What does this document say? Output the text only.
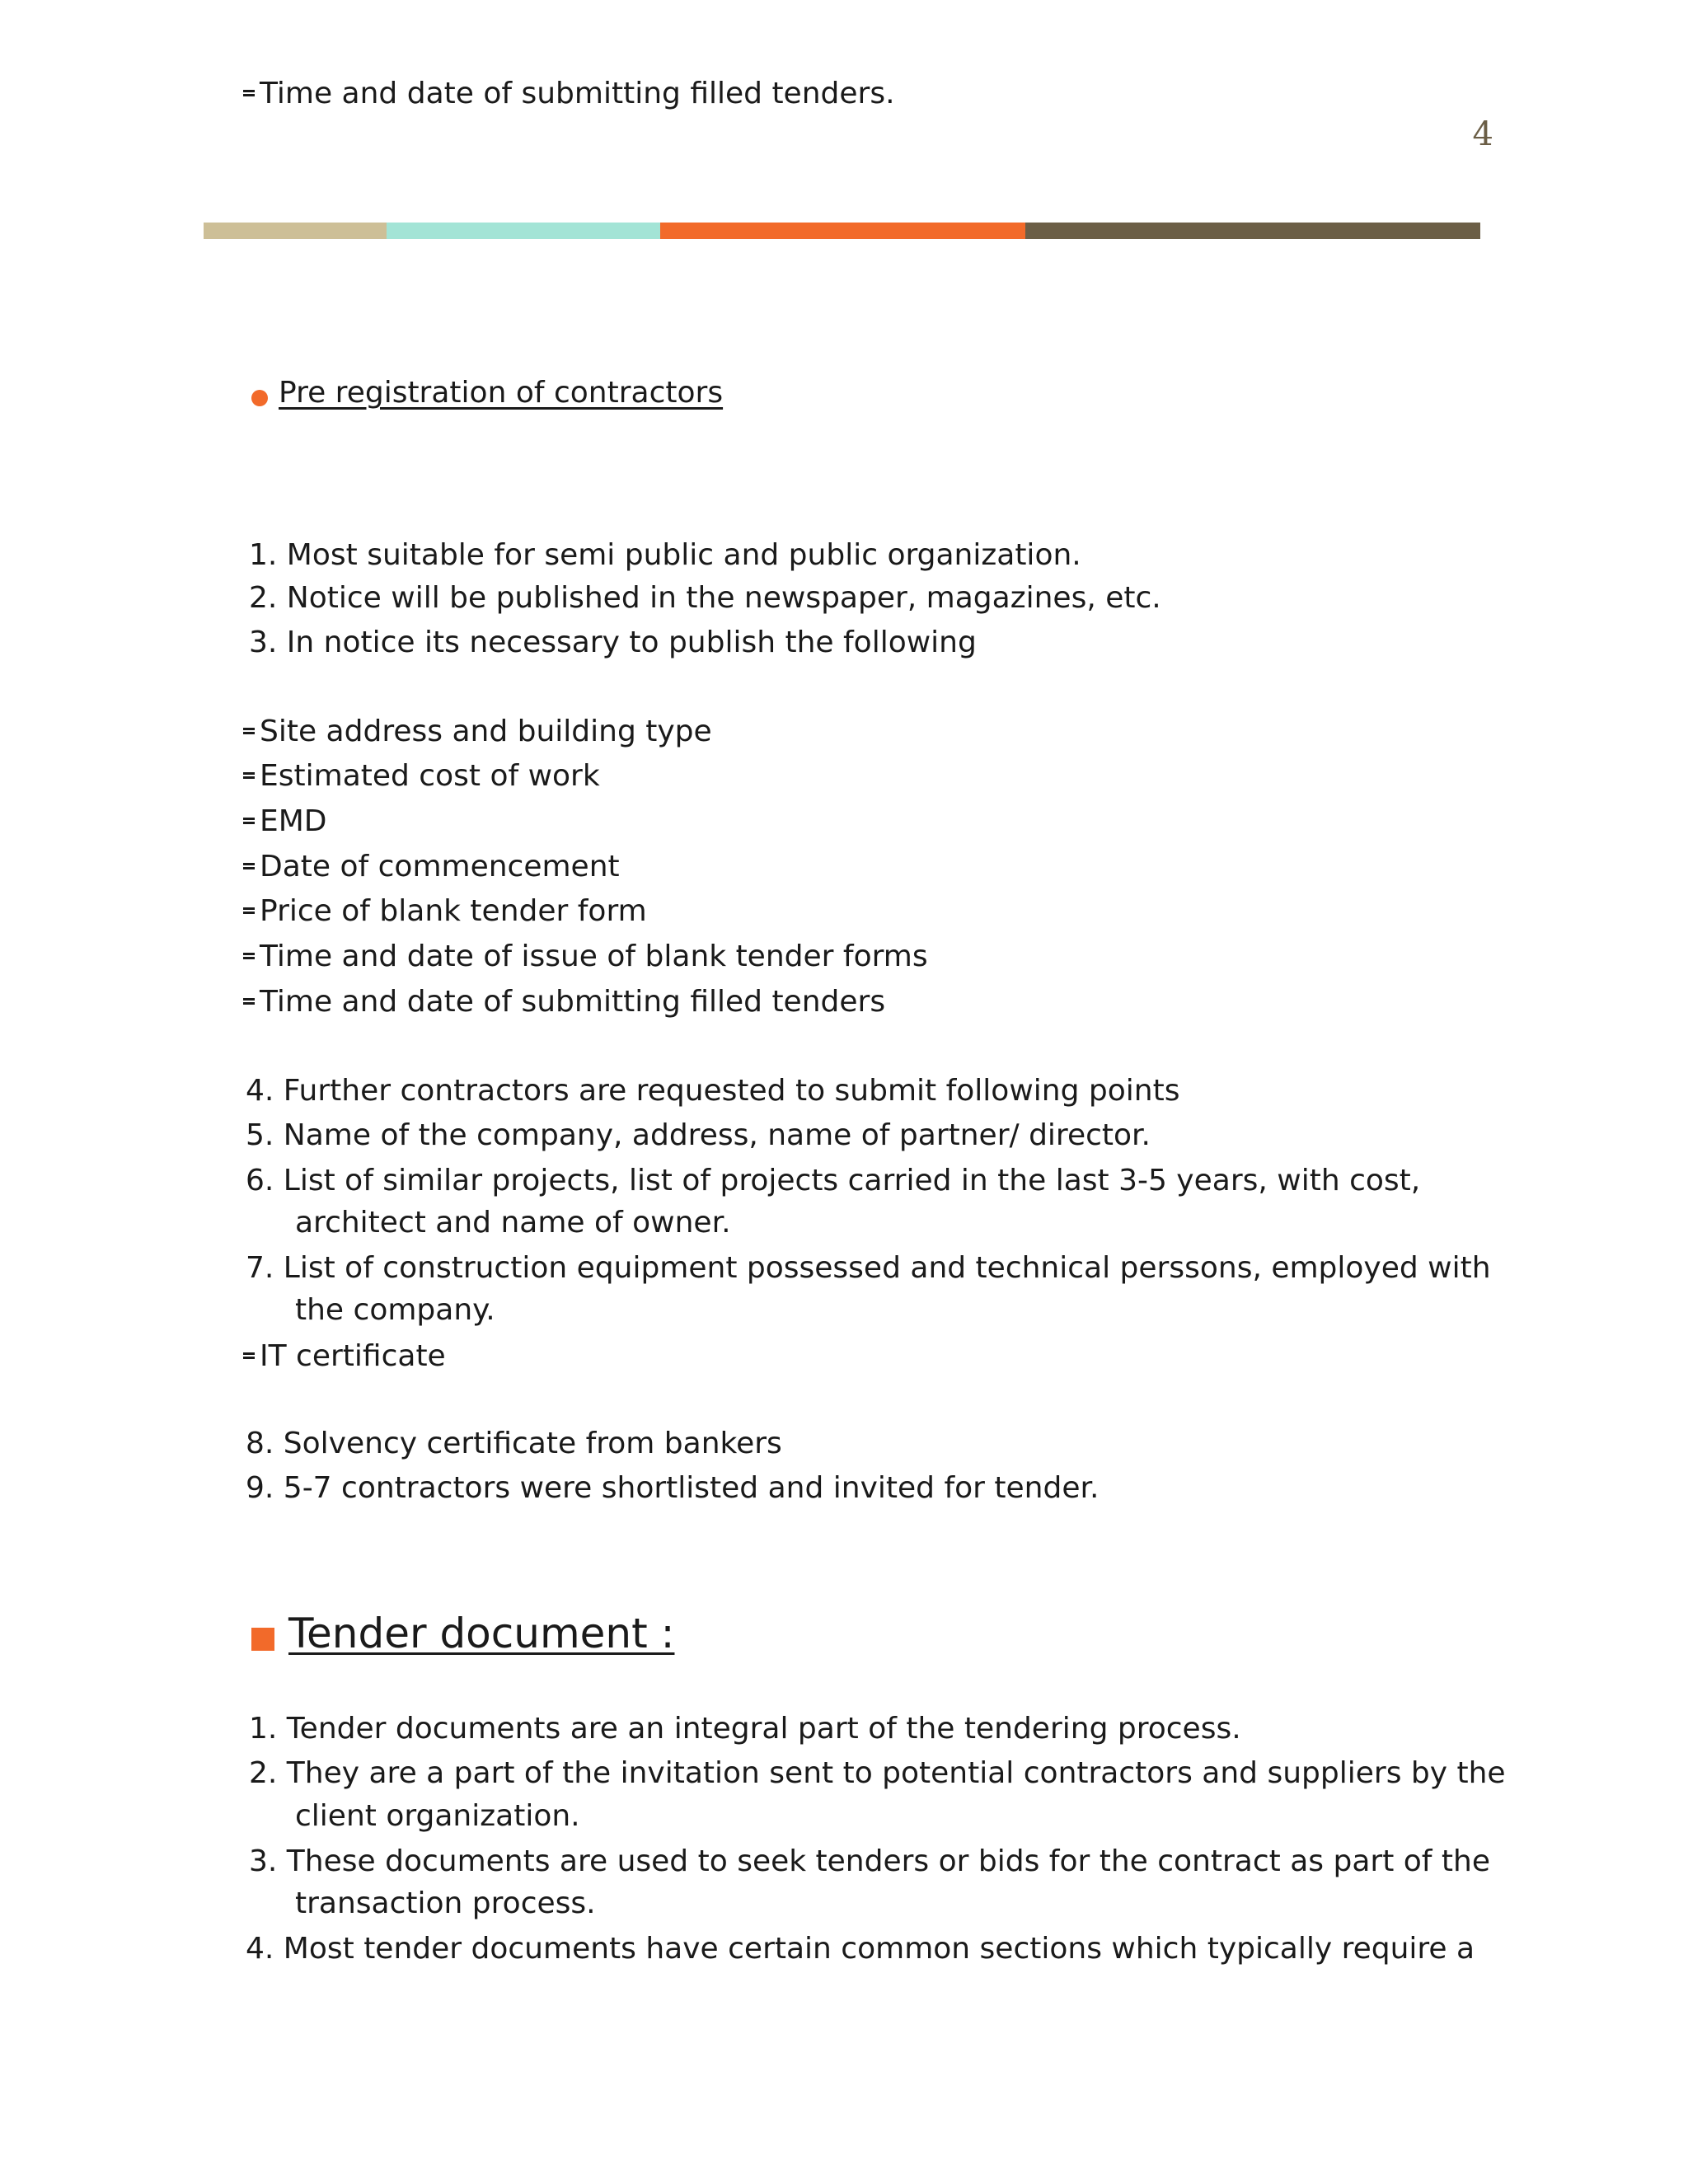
Time and date of submitting filled tenders.
4
Pre registration of contractors
1. Most suitable for semi public and public organization.
2. Notice will be published in the newspaper, magazines, etc.
3. In notice its necessary to publish the following
Site address and building type
Estimated cost of work
EMD
Date of commencement
Price of blank tender form
Time and date of issue of blank tender forms
Time and date of submitting filled tenders
4. Further contractors are requested to submit following points
5. Name of the company, address, name of partner/ director.
6. List of similar projects, list of projects carried in the last 3-5 years, with cost,
architect and name of owner.
7. List of construction equipment possessed and technical perssons, employed with
the company.
IT certificate
8. Solvency certificate from bankers
9. 5-7 contractors were shortlisted and invited for tender.
Tender document :
1. Tender documents are an integral part of the tendering process.
2. They are a part of the invitation sent to potential contractors and suppliers by the
client organization.
3. These documents are used to seek tenders or bids for the contract as part of the
transaction process.
4. Most tender documents have certain common sections which typically require a
